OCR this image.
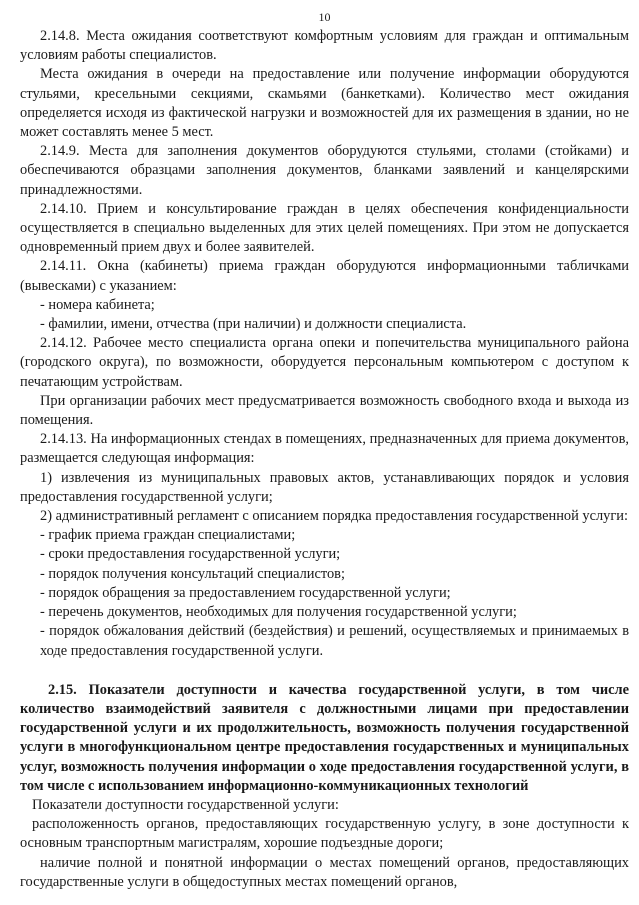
10

2.14.8. Места ожидания соответствуют комфортным условиям для граждан и оптимальным условиям работы специалистов.

Места ожидания в очереди на предоставление или получение информации оборудуются стульями, кресельными секциями, скамьями (банкетками). Количество мест ожидания определяется исходя из фактической нагрузки и возможностей для их размещения в здании, но не может составлять менее 5 мест.

2.14.9. Места для заполнения документов оборудуются стульями, столами (стойками) и обеспечиваются образцами заполнения документов, бланками заявлений и канцелярскими принадлежностями.

2.14.10. Прием и консультирование граждан в целях обеспечения конфиденциальности осуществляется в специально выделенных для этих целей помещениях. При этом не допускается одновременный прием двух и более заявителей.

2.14.11. Окна (кабинеты) приема граждан оборудуются информационными табличками (вывесками) с указанием:

- номера кабинета;

- фамилии, имени, отчества (при наличии) и должности специалиста.

2.14.12. Рабочее место специалиста органа опеки и попечительства муниципального района (городского округа), по возможности, оборудуется персональным компьютером с доступом к печатающим устройствам.

При организации рабочих мест предусматривается возможность свободного входа и выхода из помещения.

2.14.13. На информационных стендах в помещениях, предназначенных для приема документов, размещается следующая информация:

1) извлечения из муниципальных правовых актов, устанавливающих порядок и условия предоставления государственной услуги;

2) административный регламент с описанием порядка предоставления государственной услуги:

- график приема граждан специалистами;

- сроки предоставления государственной услуги;

- порядок получения консультаций специалистов;

- порядок обращения за предоставлением государственной услуги;

- перечень документов, необходимых для получения государственной услуги;

- порядок обжалования действий (бездействия) и решений, осуществляемых и принимаемых в ходе предоставления государственной услуги.

2.15. Показатели доступности и качества государственной услуги, в том числе количество взаимодействий заявителя с должностными лицами при предоставлении государственной услуги и их продолжительность, возможность получения государственной услуги в многофункциональном центре предоставления государственных и муниципальных услуг, возможность получения информации о ходе предоставления государственной услуги, в том числе с использованием информационно-коммуникационных технологий

Показатели доступности государственной услуги:

расположенность органов, предоставляющих государственную услугу, в зоне доступности к основным транспортным магистралям, хорошие подъездные дороги;

наличие полной и понятной информации о местах помещений органов, предоставляющих государственные услуги в общедоступных местах помещений органов,
